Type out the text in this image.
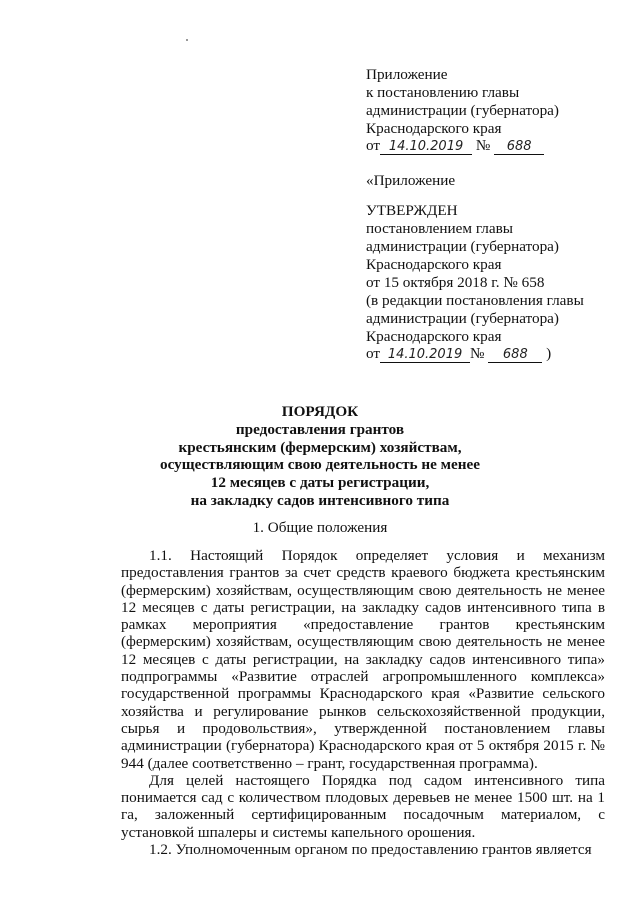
Приложение
к постановлению главы
администрации (губернатора)
Краснодарского края
от 14.10.2019 № 688
«Приложение
УТВЕРЖДЕН
постановлением главы
администрации (губернатора)
Краснодарского края
от 15 октября 2018 г. № 658
(в редакции постановления главы
администрации (губернатора)
Краснодарского края
от 14.10.2019 № 688 )
ПОРЯДОК
предоставления грантов
крестьянским (фермерским) хозяйствам,
осуществляющим свою деятельность не менее
12 месяцев с даты регистрации,
на закладку садов интенсивного типа
1. Общие положения

1.1. Настоящий Порядок определяет условия и механизм предоставления грантов за счет средств краевого бюджета крестьянским (фермерским) хозяйствам, осуществляющим свою деятельность не менее 12 месяцев с даты регистрации, на закладку садов интенсивного типа в рамках мероприятия «предоставление грантов крестьянским (фермерским) хозяйствам, осуществляющим свою деятельность не менее 12 месяцев с даты регистрации, на закладку садов интенсивного типа» подпрограммы «Развитие отраслей агропромышленного комплекса» государственной программы Краснодарского края «Развитие сельского хозяйства и регулирование рынков сельскохозяйственной продукции, сырья и продовольствия», утвержденной постановлением главы администрации (губернатора) Краснодарского края от 5 октября 2015 г. № 944 (далее соответственно – грант, государственная программа).

Для целей настоящего Порядка под садом интенсивного типа понимается сад с количеством плодовых деревьев не менее 1500 шт. на 1 га, заложенный сертифицированным посадочным материалом, с установкой шпалеры и системы капельного орошения.

1.2. Уполномоченным органом по предоставлению грантов является
